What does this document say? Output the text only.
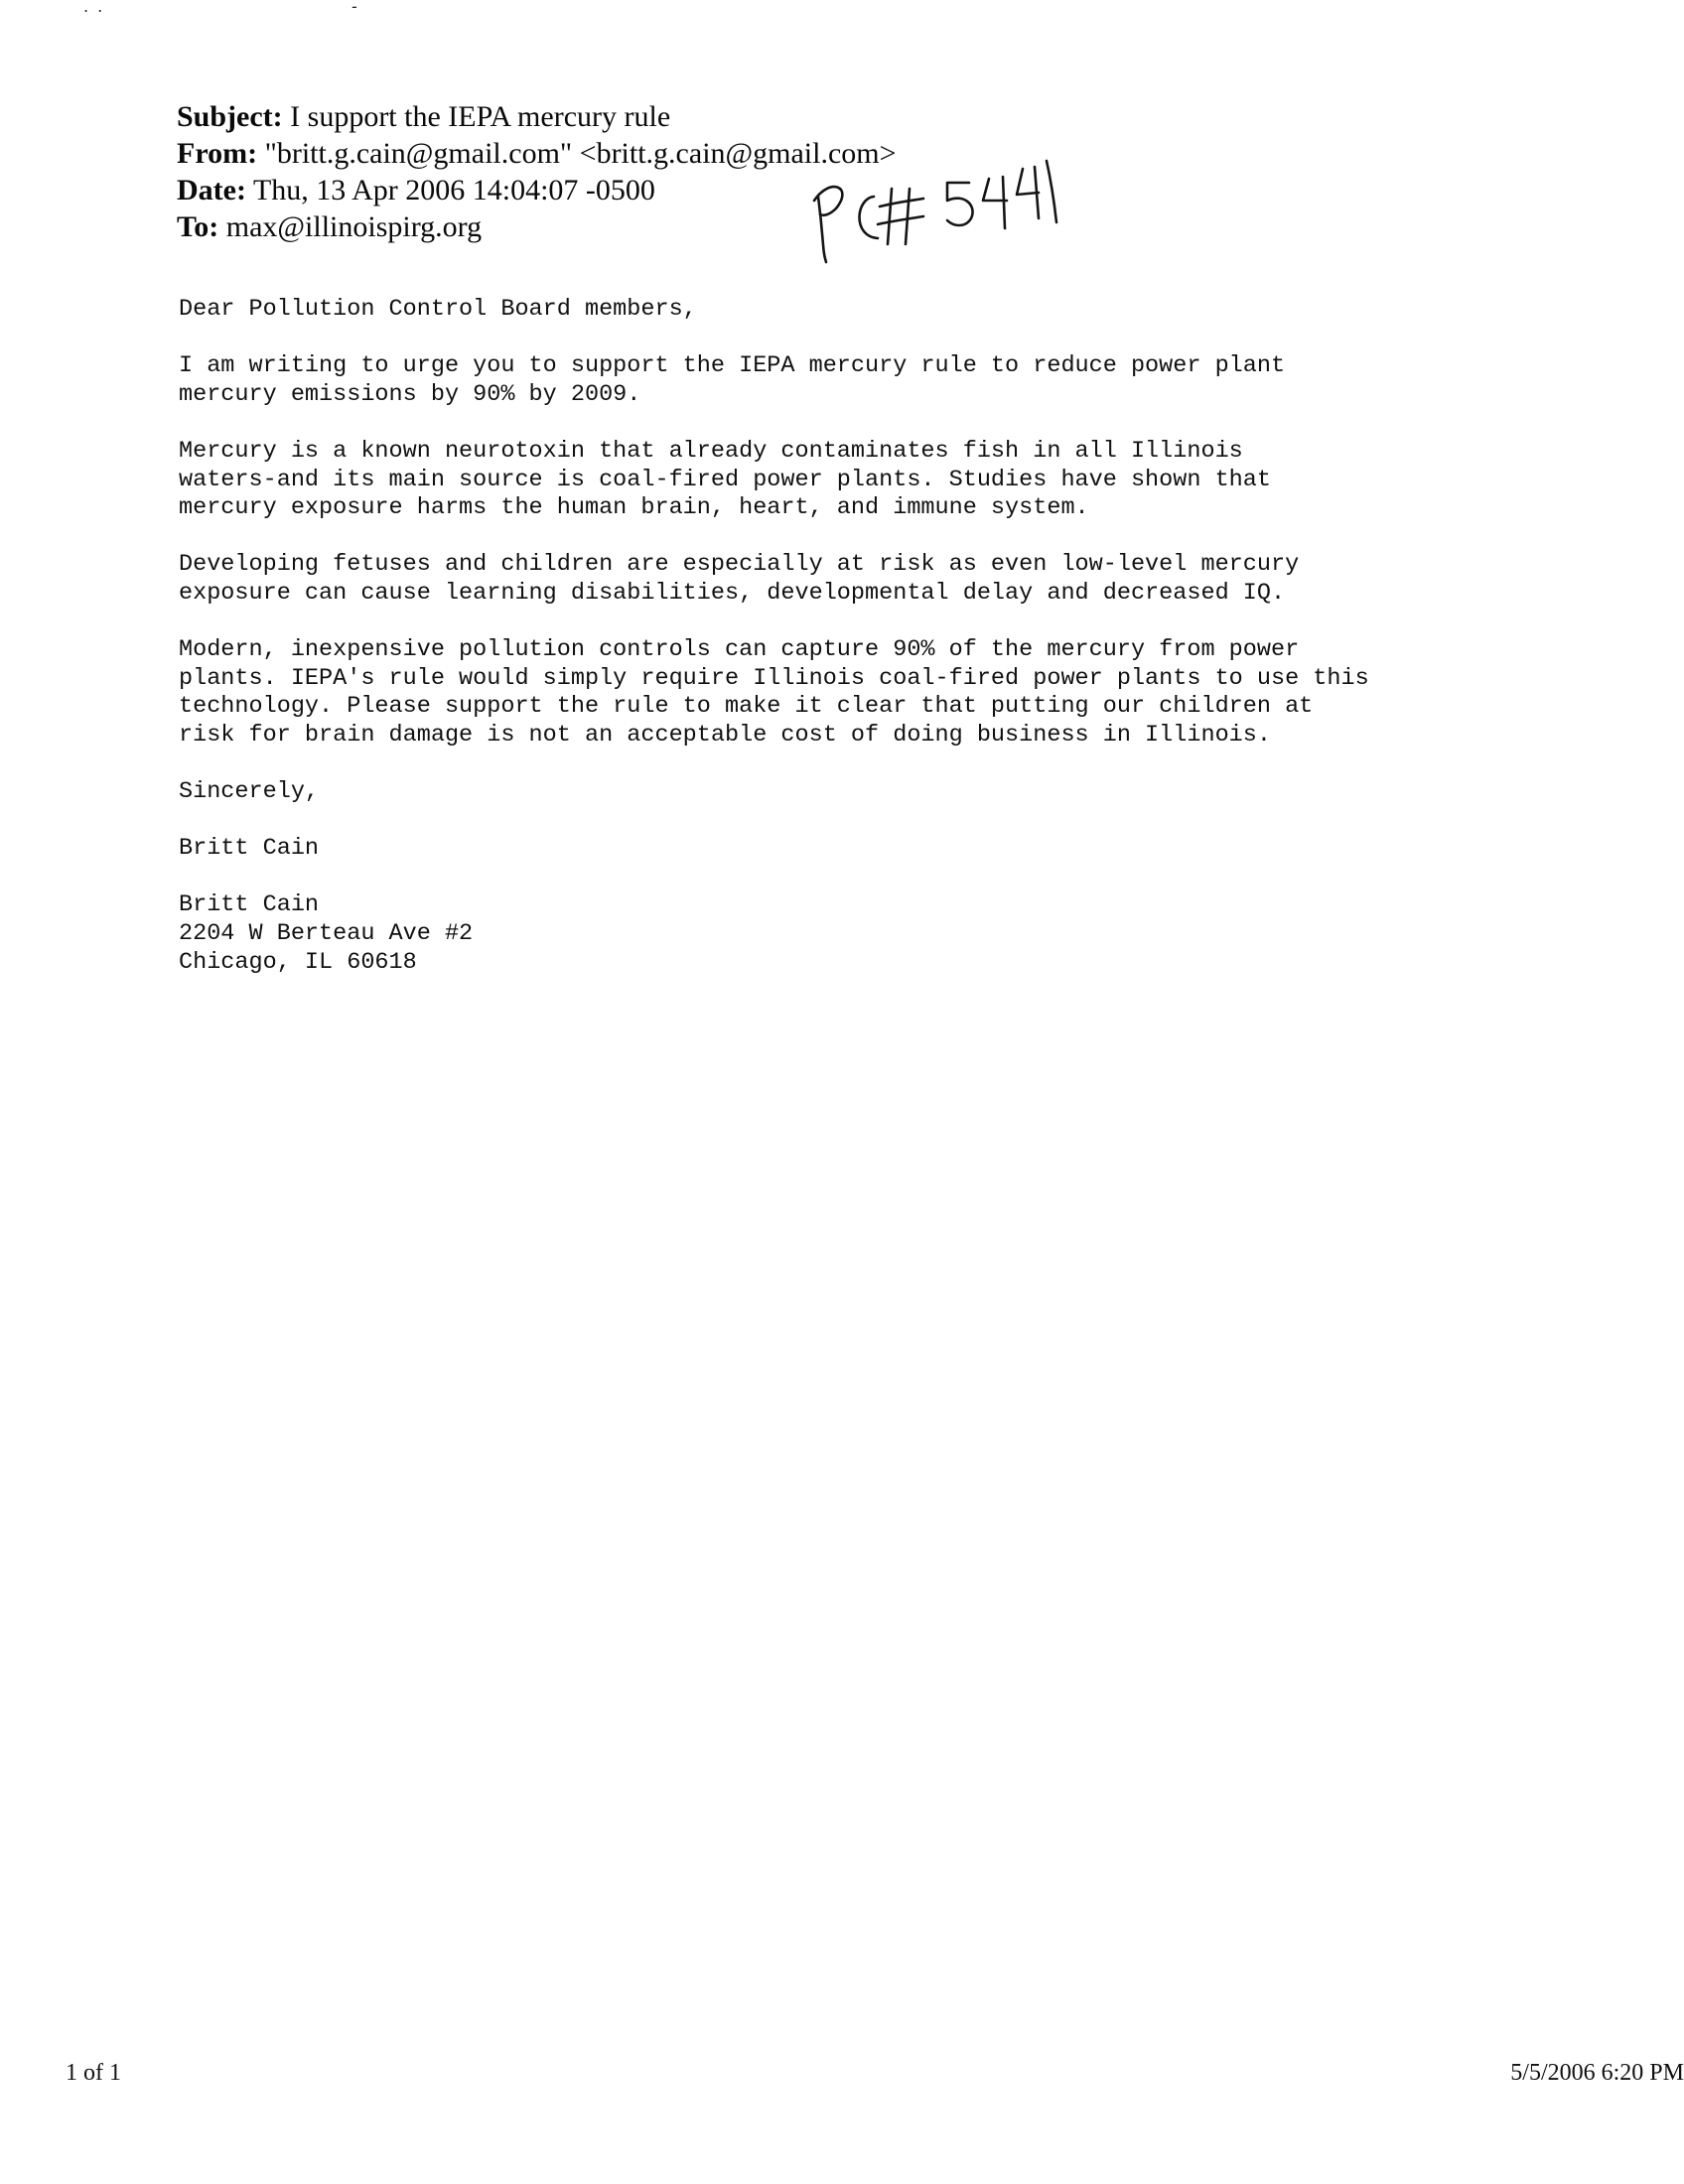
. .	-
Subject: I support the IEPA mercury rule
From: "britt.g.cain@gmail.com" <britt.g.cain@gmail.com>
Date: Thu, 13 Apr 2006 14:04:07 -0500
To: max@illinoispirg.org

Dear Pollution Control Board members,

I am writing to urge you to support the IEPA mercury rule to reduce power plant
mercury emissions by 90% by 2009.

Mercury is a known neurotoxin that already contaminates fish in all Illinois
waters-and its main source is coal-fired power plants. Studies have shown that
mercury exposure harms the human brain, heart, and immune system.

Developing fetuses and children are especially at risk as even low-level mercury
exposure can cause learning disabilities, developmental delay and decreased IQ.

Modern, inexpensive pollution controls can capture 90% of the mercury from power
plants. IEPA's rule would simply require Illinois coal-fired power plants to use this
technology. Please support the rule to make it clear that putting our children at
risk for brain damage is not an acceptable cost of doing business in Illinois.

Sincerely,

Britt Cain

Britt Cain
2204 W Berteau Ave #2
Chicago, IL 60618

1 of 1	5/5/2006 6:20 PM
